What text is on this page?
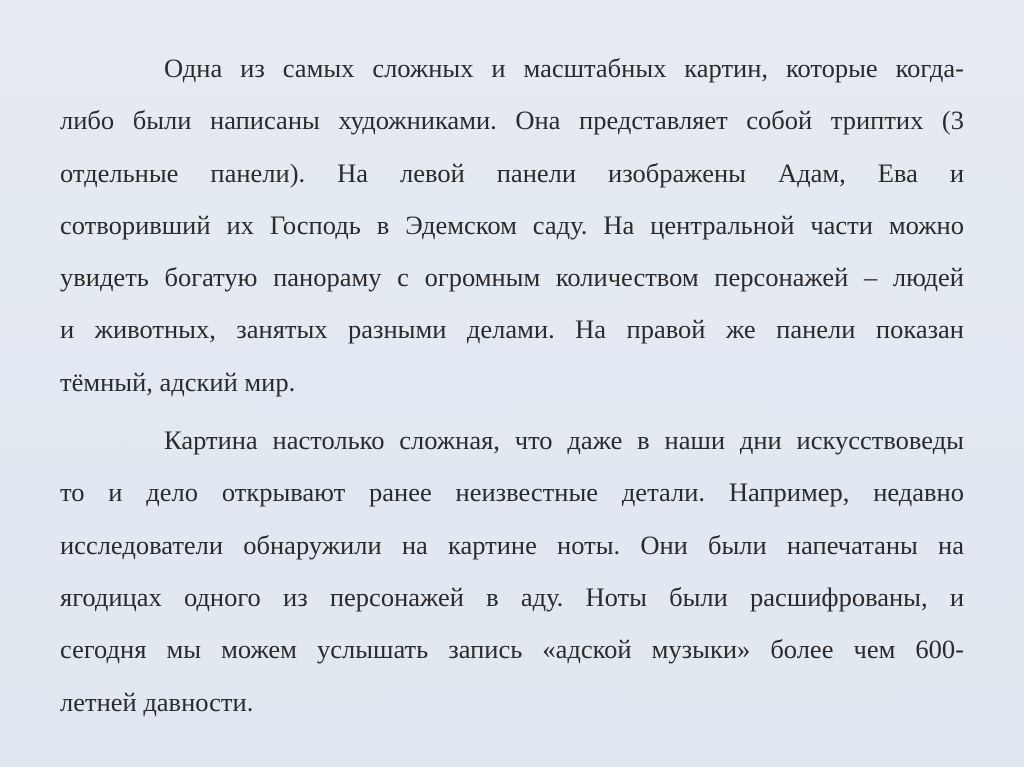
Одна из самых сложных и масштабных картин, которые когда-
либо были написаны художниками. Она представляет собой триптих (3
отдельные панели). На левой панели изображены Адам, Ева и
сотворивший их Господь в Эдемском саду. На центральной части можно
увидеть богатую панораму с огромным количеством персонажей – людей
и животных, занятых разными делами. На правой же панели показан
тёмный, адский мир.
Картина настолько сложная, что даже в наши дни искусствоведы
то и дело открывают ранее неизвестные детали. Например, недавно
исследователи обнаружили на картине ноты. Они были напечатаны на
ягодицах одного из персонажей в аду. Ноты были расшифрованы, и
сегодня мы можем услышать запись «адской музыки» более чем 600-
летней давности.
